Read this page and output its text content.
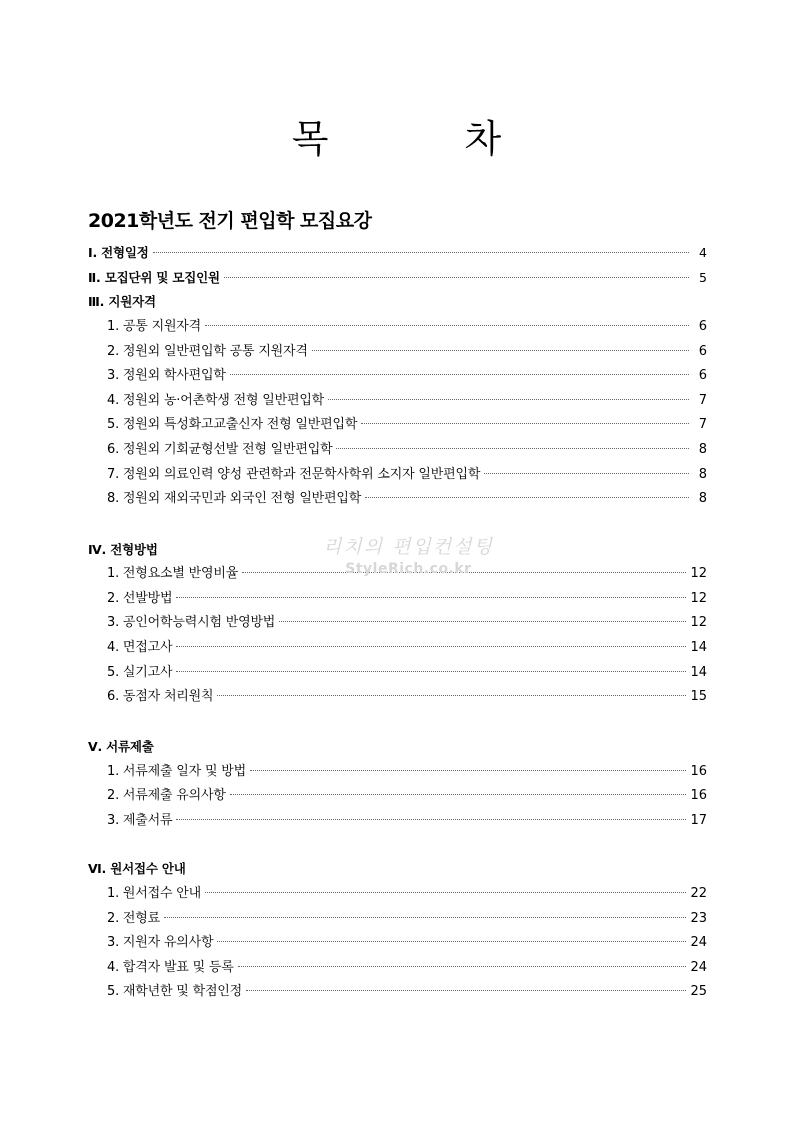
목 차
2021학년도 전기 편입학 모집요강
Ⅰ. 전형일정	4
Ⅱ. 모집단위 및 모집인원	5
Ⅲ. 지원자격
1. 공통 지원자격	6
2. 정원외 일반편입학 공통 지원자격	6
3. 정원외 학사편입학	6
4. 정원외 농·어촌학생 전형 일반편입학	7
5. 정원외 특성화고교출신자 전형 일반편입학	7
6. 정원외 기회균형선발 전형 일반편입학	8
7. 정원외 의료인력 양성 관련학과 전문학사학위 소지자 일반편입학	8
8. 정원외 재외국민과 외국인 전형 일반편입학	8
Ⅳ. 전형방법
1. 전형요소별 반영비율	12
2. 선발방법	12
3. 공인어학능력시험 반영방법	12
4. 면접고사	14
5. 실기고사	14
6. 동점자 처리원칙	15
Ⅴ. 서류제출
1. 서류제출 일자 및 방법	16
2. 서류제출 유의사항	16
3. 제출서류	17
Ⅵ. 원서접수 안내
1. 원서접수 안내	22
2. 전형료	23
3. 지원자 유의사항	24
4. 합격자 발표 및 등록	24
5. 재학년한 및 학점인정	25
리치의 편입컨설팅
StyleRich.co.kr
